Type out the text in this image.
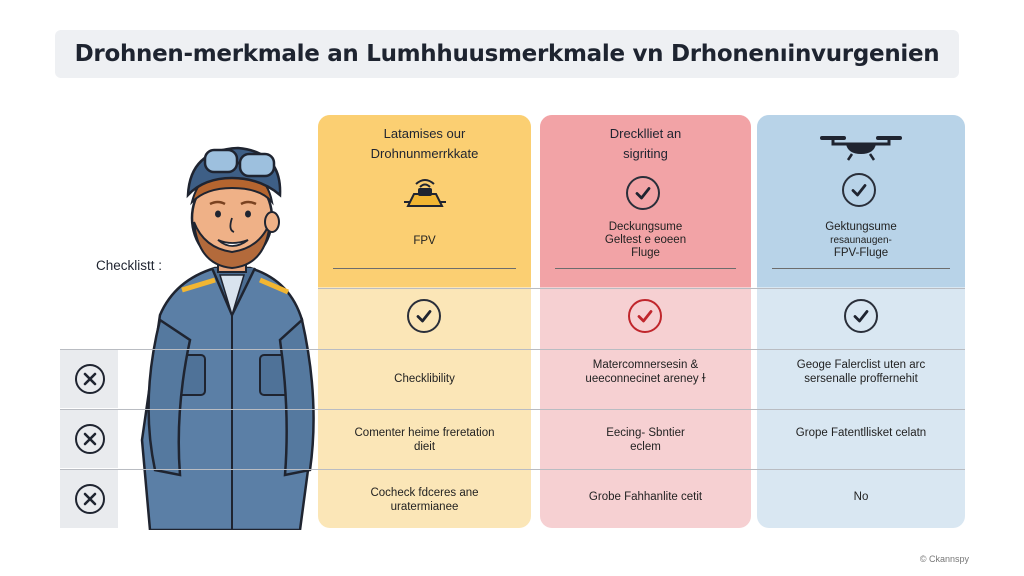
Drohnen-merkmale an Lumhhuusmerkmale vn Drhonenıinvurgenien
Checklistt :
Latamises our
Drohnunmerrkkate
FPV
Drecklliet an
sigriting
Deckungsume
Geltest e eoeen
Fluge
Gektungsume
resaunaugen-
FPV-Fluge
Checklibility
Matercomnersesin & ueeconnecinet areney ɫ
Geoge Falerclist uten arc sersenalle proffernehit
Comenter heime freretation dieit
Eecing- Sbntier eclem
Grope Fatentllisket celatn
Cocheck fdceres ane uratermianee
Grobe Fahhanlite cetit	No
© Ckannspy
